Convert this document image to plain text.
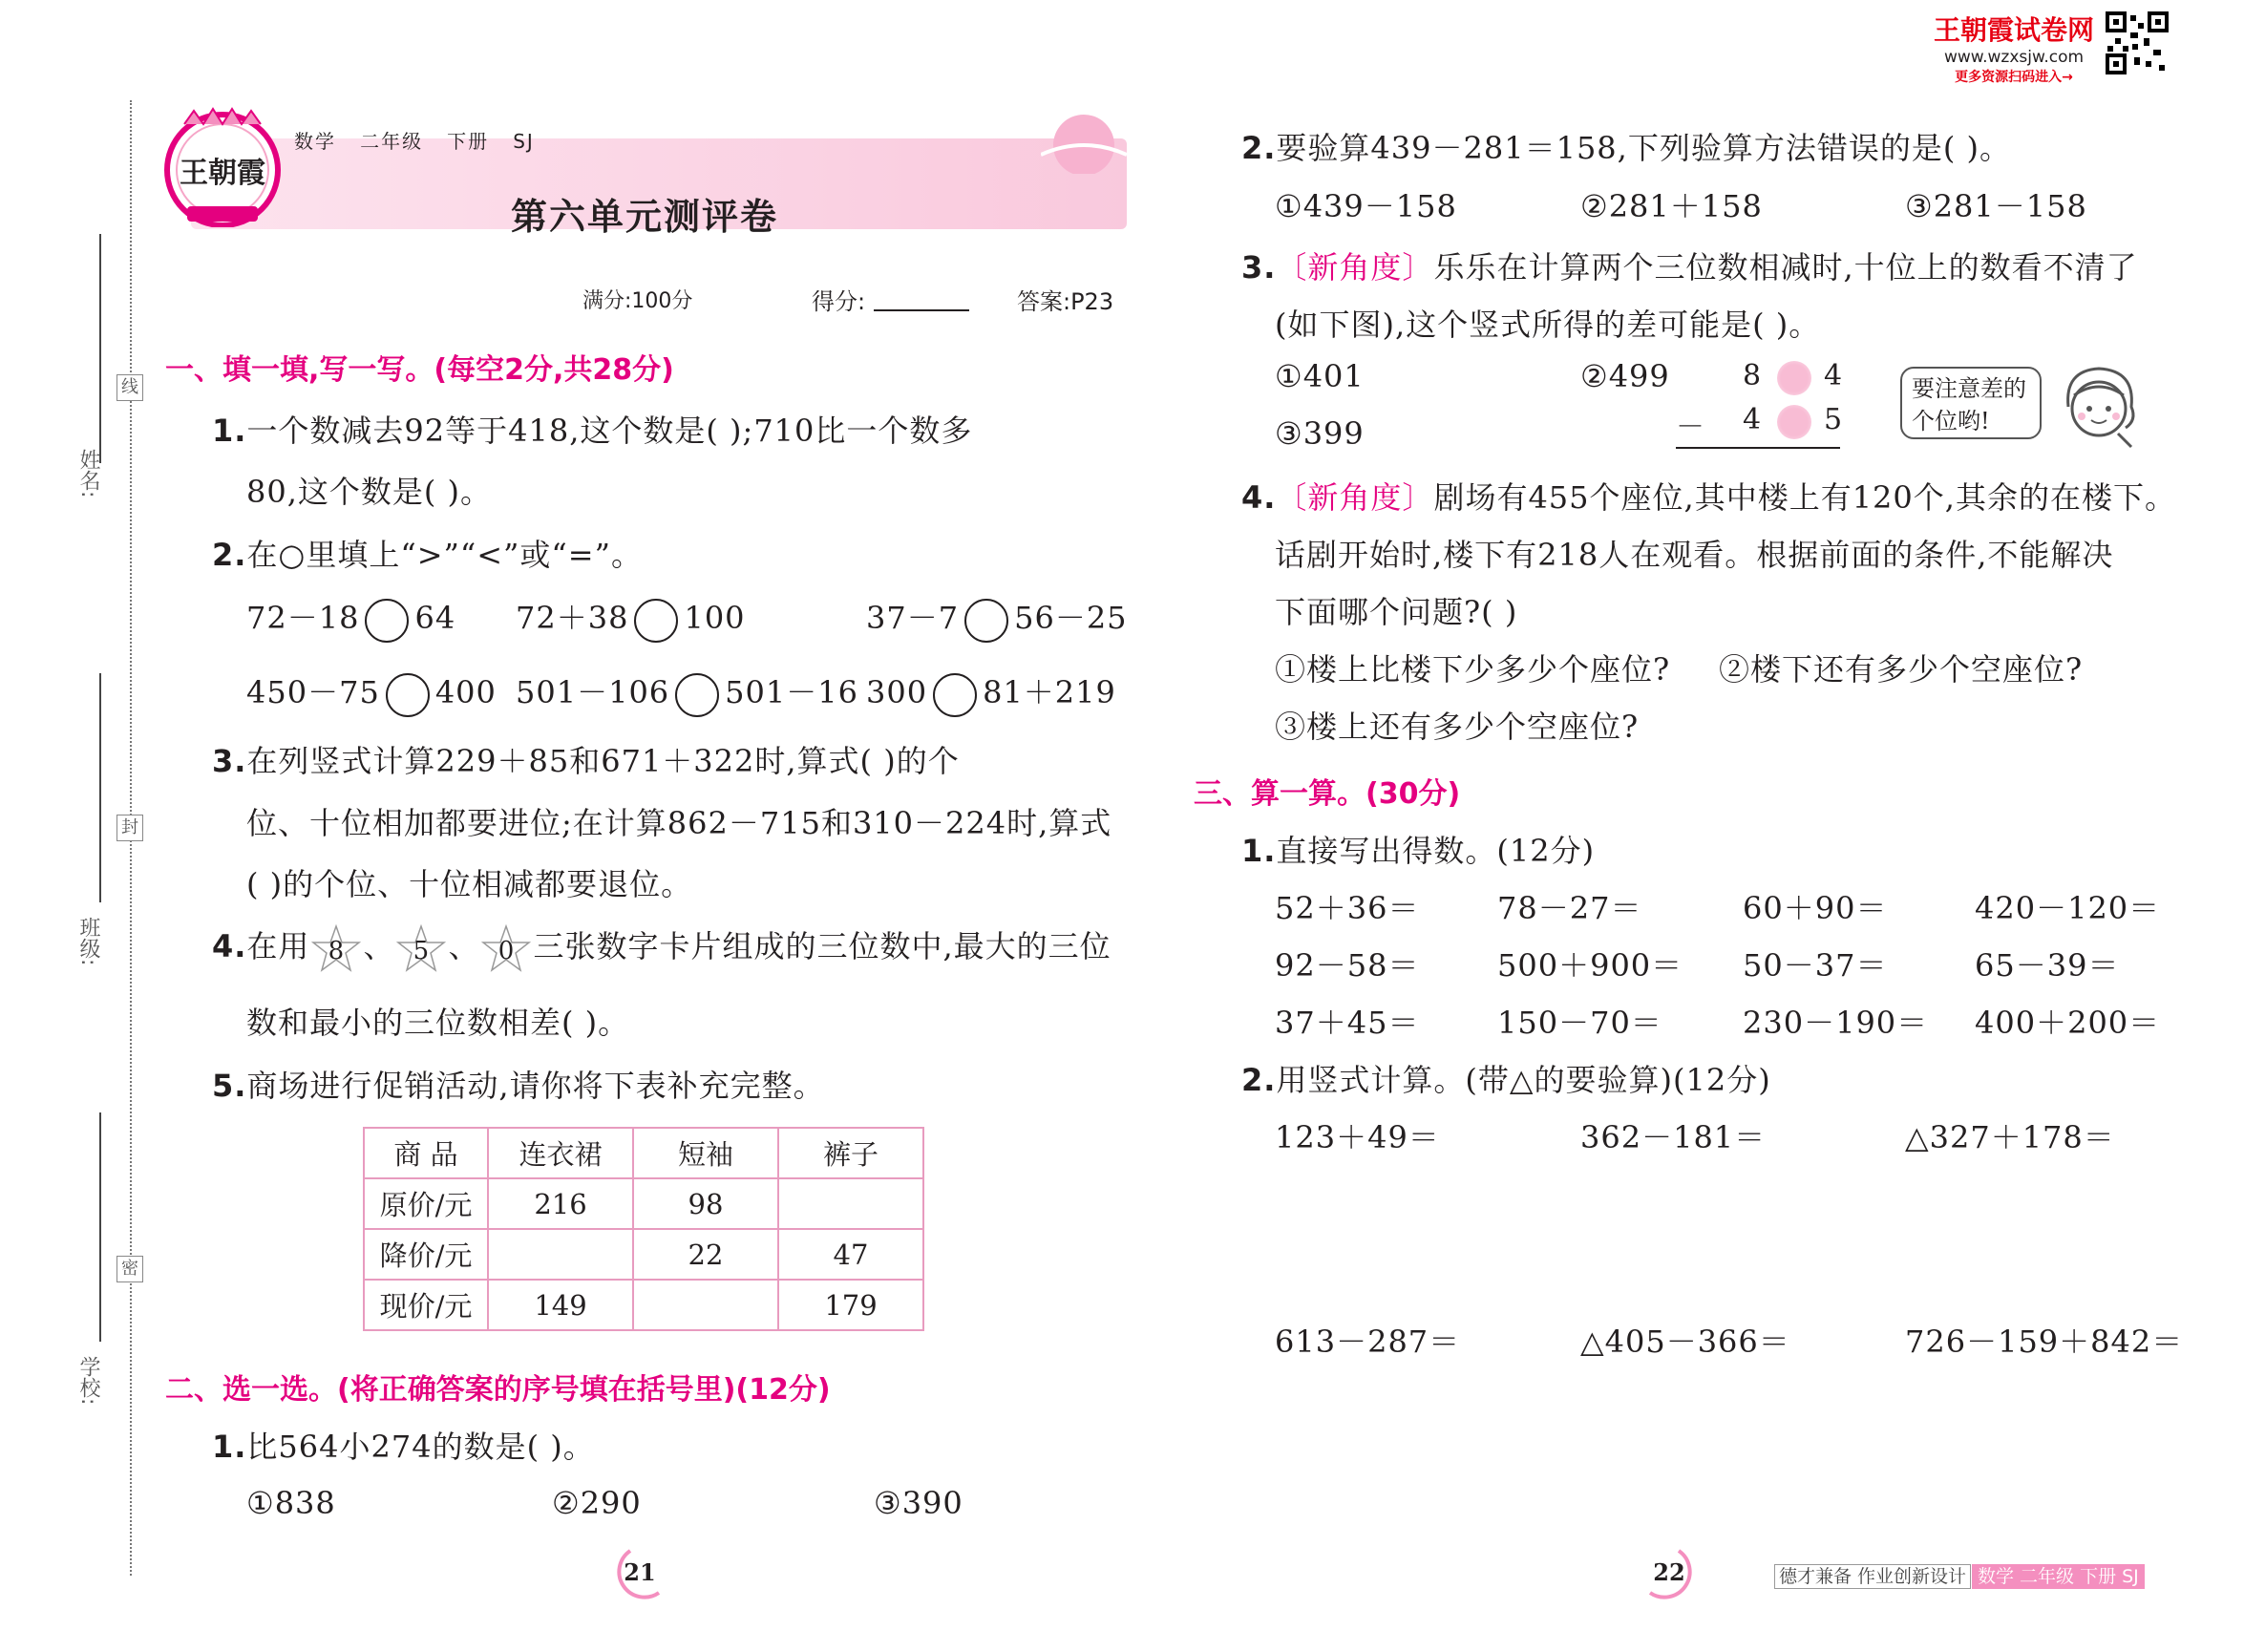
姓名:
班级:
学校:
线
封
密
王朝霞
数学 二年级 下册 SJ
第六单元测评卷
满分:100分	得分:	答案:P23
一、填一填,写一写。(每空2分,共28分)
1.一个数减去92等于418,这个数是( );710比一个数多
80,这个数是( )。
2.在○里填上“>”“<”或“=”。
72－18 64 72＋38 100	37－7 56－25
450－75 400 501－106 501－16 300 81＋219
3.在列竖式计算229＋85和671＋322时,算式( )的个
位、十位相加都要进位;在计算862－715和310－224时,算式
( )的个位、十位相减都要退位。
4.在用 8 、 5 、 0 三张数字卡片组成的三位数中,最大的三位
数和最小的三位数相差( )。
5.商场进行促销活动,请你将下表补充完整。
商 品	连衣裙	短袖	裤子
原价/元	216	98	
降价/元		22	47
现价/元	149		179
二、选一选。(将正确答案的序号填在括号里)(12分)
1.比564小274的数是( )。
①838	②290	③390
王朝霞试卷网
www.wzxsjw.com
更多资源扫码进入→
2.要验算439－281＝158,下列验算方法错误的是( )。
①439－158	②281＋158	③281－158
3.〔新角度〕乐乐在计算两个三位数相减时,十位上的数看不清了
(如下图),这个竖式所得的差可能是( )。
①401	②499
③399
8 4
－ 4 5
要注意差的
个位哟!
4.〔新角度〕剧场有455个座位,其中楼上有120个,其余的在楼下。
话剧开始时,楼下有218人在观看。根据前面的条件,不能解决
下面哪个问题?( )
①楼上比楼下少多少个座位? ②楼下还有多少个空座位?
③楼上还有多少个空座位?
三、算一算。(30分)
1.直接写出得数。(12分)
52＋36＝	78－27＝	60＋90＝	420－120＝
92－58＝	500＋900＝ 50－37＝	65－39＝
37＋45＝	150－70＝	230－190＝ 400＋200＝
2.用竖式计算。(带△的要验算)(12分)
123＋49＝	362－181＝	△327＋178＝
613－287＝	△405－366＝	726－159＋842＝
21	22	德才兼备 作业创新设计 数学 二年级 下册 SJ
